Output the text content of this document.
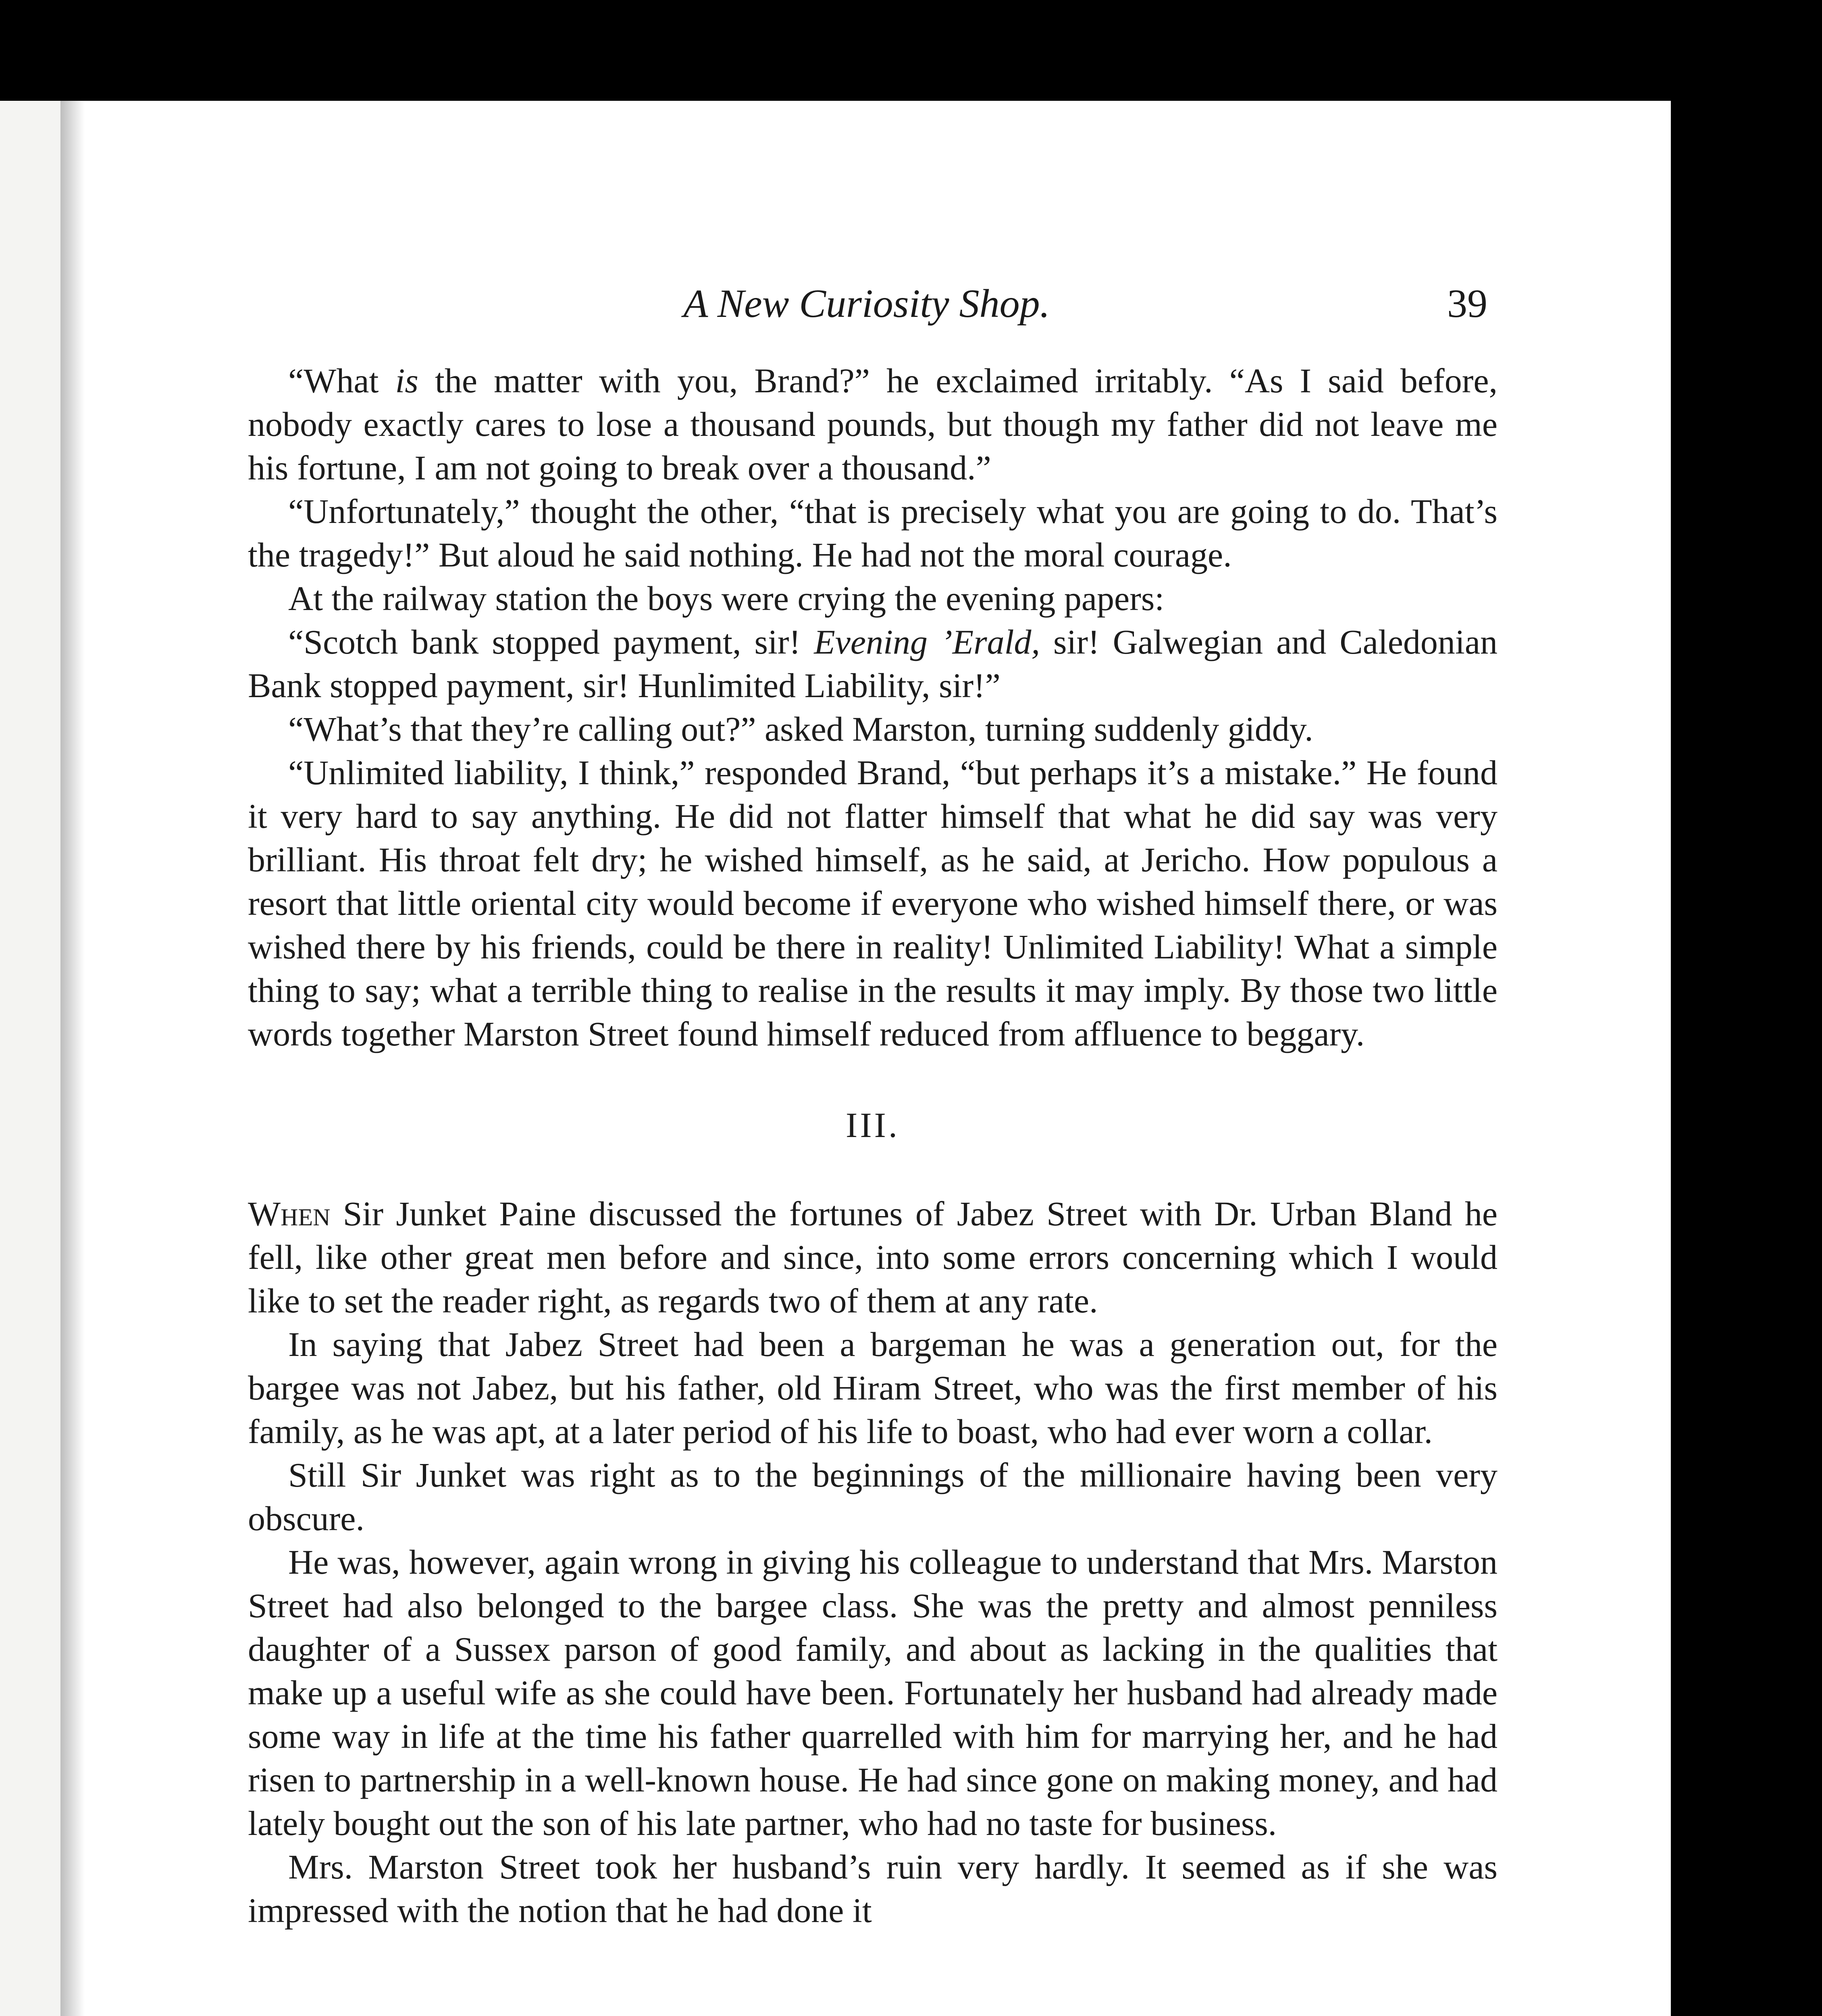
A New Curiosity Shop.	39

“What is the matter with you, Brand?” he exclaimed irritably. “As I said before, nobody exactly cares to lose a thousand pounds, but though my father did not leave me his fortune, I am not going to break over a thousand.”

“Unfortunately,” thought the other, “that is precisely what you are going to do. That’s the tragedy!” But aloud he said nothing. He had not the moral courage.

At the railway station the boys were crying the evening papers:

“Scotch bank stopped payment, sir! Evening ’Erald, sir! Galwegian and Caledonian Bank stopped payment, sir! Hunlimited Liability, sir!”

“What’s that they’re calling out?” asked Marston, turning suddenly giddy.

“Unlimited liability, I think,” responded Brand, “but perhaps it’s a mistake.” He found it very hard to say anything. He did not flatter himself that what he did say was very brilliant. His throat felt dry; he wished himself, as he said, at Jericho. How populous a resort that little oriental city would become if everyone who wished himself there, or was wished there by his friends, could be there in reality! Unlimited Liability! What a simple thing to say; what a terrible thing to realise in the results it may imply. By those two little words together Marston Street found himself reduced from affluence to beggary.

III.

When Sir Junket Paine discussed the fortunes of Jabez Street with Dr. Urban Bland he fell, like other great men before and since, into some errors concerning which I would like to set the reader right, as regards two of them at any rate.

In saying that Jabez Street had been a bargeman he was a generation out, for the bargee was not Jabez, but his father, old Hiram Street, who was the first member of his family, as he was apt, at a later period of his life to boast, who had ever worn a collar.

Still Sir Junket was right as to the beginnings of the millionaire having been very obscure.

He was, however, again wrong in giving his colleague to understand that Mrs. Marston Street had also belonged to the bargee class. She was the pretty and almost penniless daughter of a Sussex parson of good family, and about as lacking in the qualities that make up a useful wife as she could have been. Fortunately her husband had already made some way in life at the time his father quarrelled with him for marrying her, and he had risen to partnership in a well-known house. He had since gone on making money, and had lately bought out the son of his late partner, who had no taste for business.

Mrs. Marston Street took her husband’s ruin very hardly. It seemed as if she was impressed with the notion that he had done it
